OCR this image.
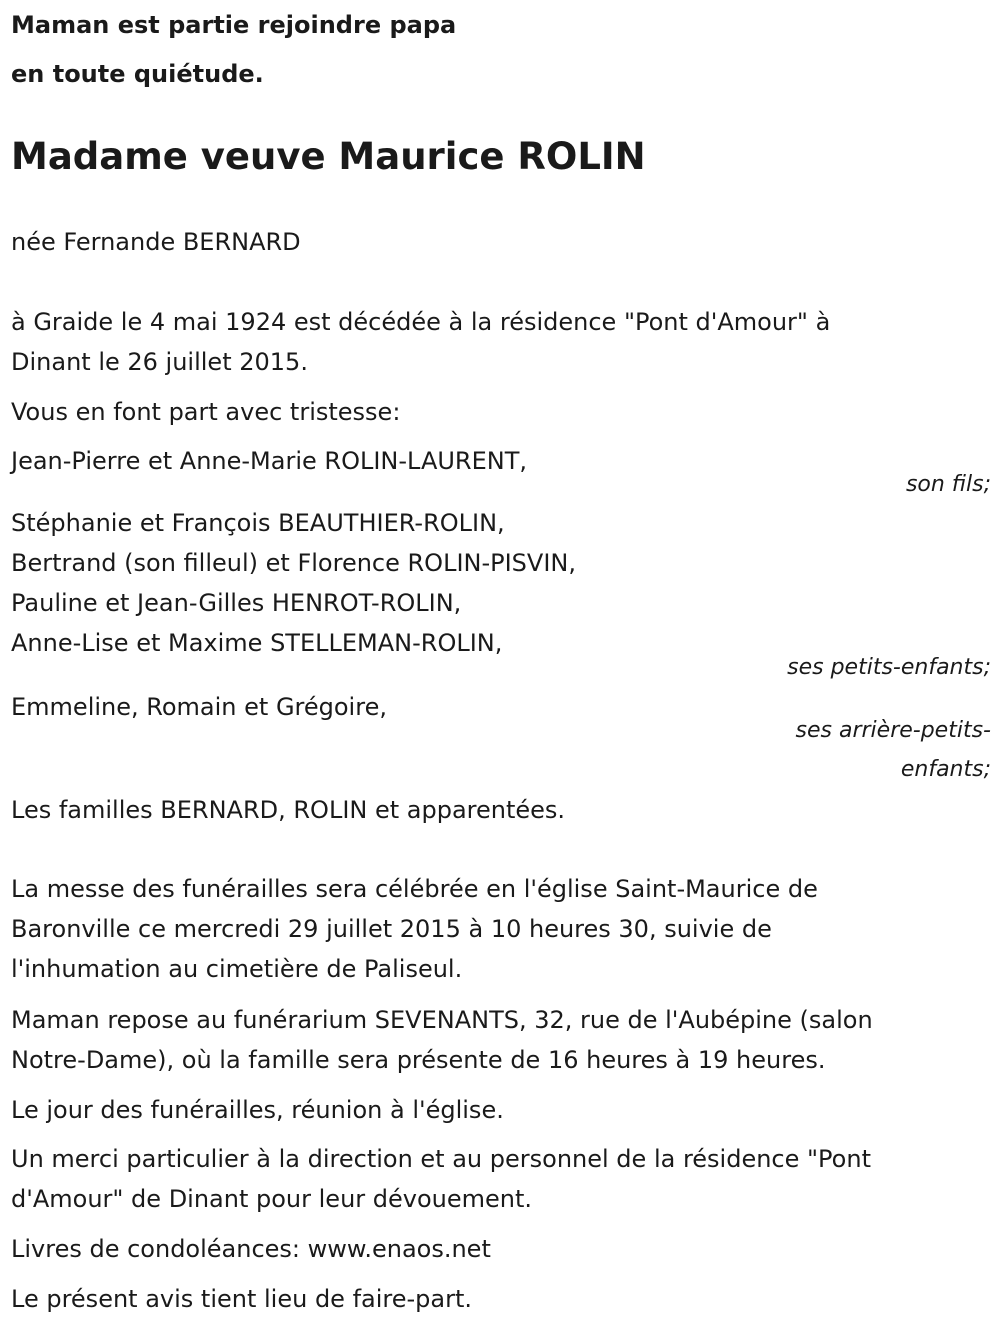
Maman est partie rejoindre papa
en toute quiétude.
Madame veuve Maurice ROLIN
née Fernande BERNARD
à Graide le 4 mai 1924 est décédée à la résidence "Pont d'Amour" à
Dinant le 26 juillet 2015.
Vous en font part avec tristesse:
Jean-Pierre et Anne-Marie ROLIN-LAURENT,
son fils;
Stéphanie et François BEAUTHIER-ROLIN,
Bertrand (son filleul) et Florence ROLIN-PISVIN,
Pauline et Jean-Gilles HENROT-ROLIN,
Anne-Lise et Maxime STELLEMAN-ROLIN,
ses petits-enfants;
Emmeline, Romain et Grégoire,
ses arrière-petits-
enfants;
Les familles BERNARD, ROLIN et apparentées.
La messe des funérailles sera célébrée en l'église Saint-Maurice de
Baronville ce mercredi 29 juillet 2015 à 10 heures 30, suivie de
l'inhumation au cimetière de Paliseul.
Maman repose au funérarium SEVENANTS, 32, rue de l'Aubépine (salon
Notre-Dame), où la famille sera présente de 16 heures à 19 heures.
Le jour des funérailles, réunion à l'église.
Un merci particulier à la direction et au personnel de la résidence "Pont
d'Amour" de Dinant pour leur dévouement.
Livres de condoléances: www.enaos.net
Le présent avis tient lieu de faire-part.
